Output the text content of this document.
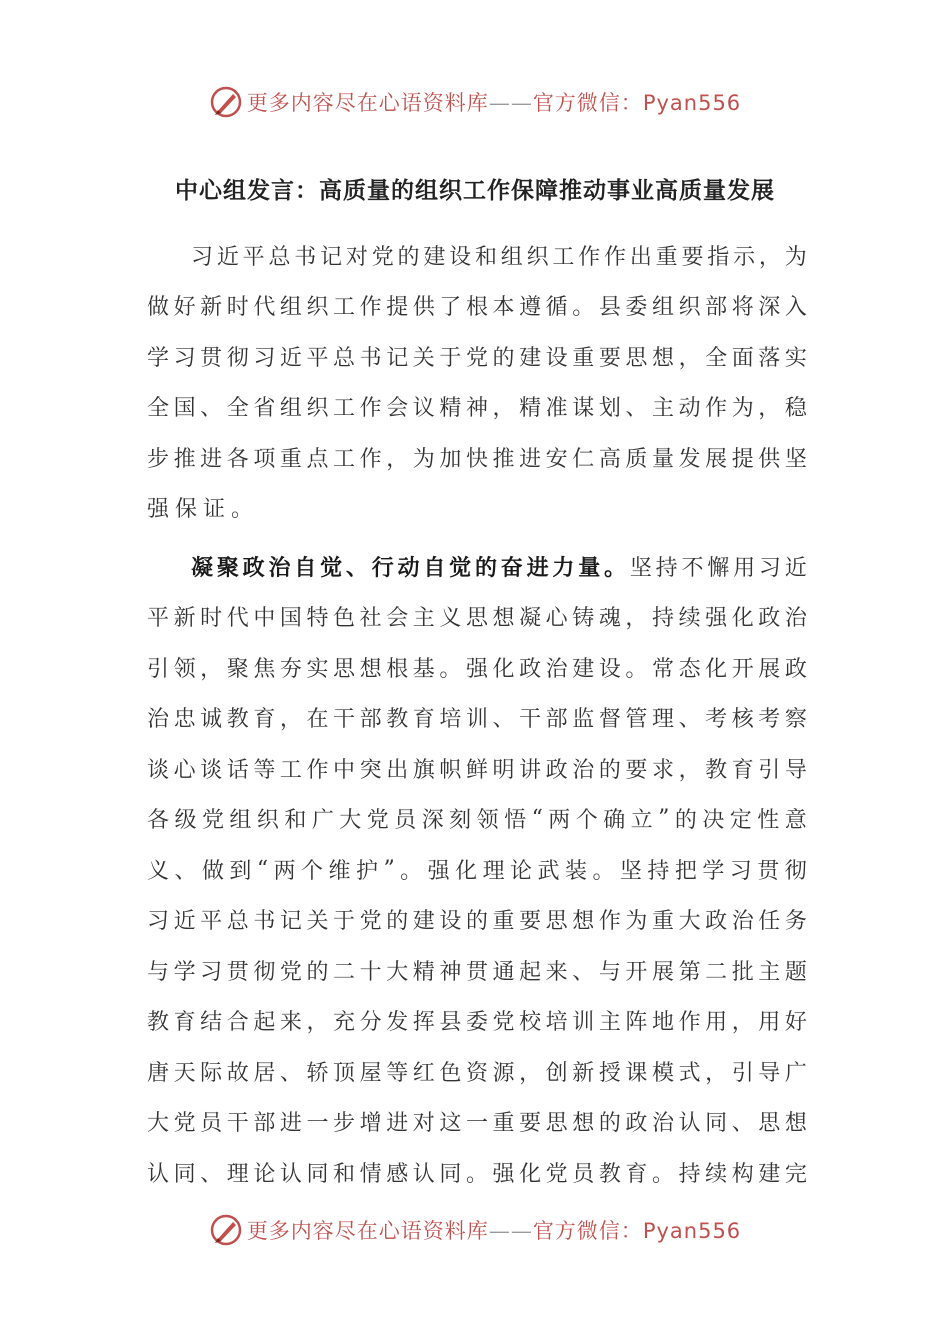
更多内容尽在心语资料库——官方微信：Pyan556
中心组发言：高质量的组织工作保障推动事业高质量发展
习 近 平 总 书 记 对 党 的 建 设 和 组 织 工 作 作 出 重 要 指 示 ， 为
做 好 新 时 代 组 织 工 作 提 供 了 根 本 遵 循 。 县 委 组 织 部 将 深 入
学 习 贯 彻 习 近 平 总 书 记 关 于 党 的 建 设 重 要 思 想 ， 全 面 落 实
全 国 、 全 省 组 织 工 作 会 议 精 神 ， 精 准 谋 划 、 主 动 作 为 ， 稳
步 推 进 各 项 重 点 工 作 ， 为 加 快 推 进 安 仁 高 质 量 发 展 提 供 坚
强 保 证 。
凝 聚 政 治 自 觉 、 行 动 自 觉 的 奋 进 力 量 。 坚 持 不 懈 用 习 近
平 新 时 代 中 国 特 色 社 会 主 义 思 想 凝 心 铸 魂 ， 持 续 强 化 政 治
引 领 ， 聚 焦 夯 实 思 想 根 基 。 强 化 政 治 建 设 。 常 态 化 开 展 政
治 忠 诚 教 育 ， 在 干 部 教 育 培 训 、 干 部 监 督 管 理 、 考 核 考 察
谈 心 谈 话 等 工 作 中 突 出 旗 帜 鲜 明 讲 政 治 的 要 求 ， 教 育 引 导
各 级 党 组 织 和 广 大 党 员 深 刻 领 悟 “ 两 个 确 立 ” 的 决 定 性 意
义 、 做 到 “ 两 个 维 护 ” 。 强 化 理 论 武 装 。 坚 持 把 学 习 贯 彻
习 近 平 总 书 记 关 于 党 的 建 设 的 重 要 思 想 作 为 重 大 政 治 任 务
与 学 习 贯 彻 党 的 二 十 大 精 神 贯 通 起 来 、 与 开 展 第 二 批 主 题
教 育 结 合 起 来 ， 充 分 发 挥 县 委 党 校 培 训 主 阵 地 作 用 ， 用 好
唐 天 际 故 居 、 轿 顶 屋 等 红 色 资 源 ， 创 新 授 课 模 式 ， 引 导 广
大 党 员 干 部 进 一 步 增 进 对 这 一 重 要 思 想 的 政 治 认 同 、 思 想
认 同 、 理 论 认 同 和 情 感 认 同 。 强 化 党 员 教 育 。 持 续 构 建 完
更多内容尽在心语资料库——官方微信：Pyan556
